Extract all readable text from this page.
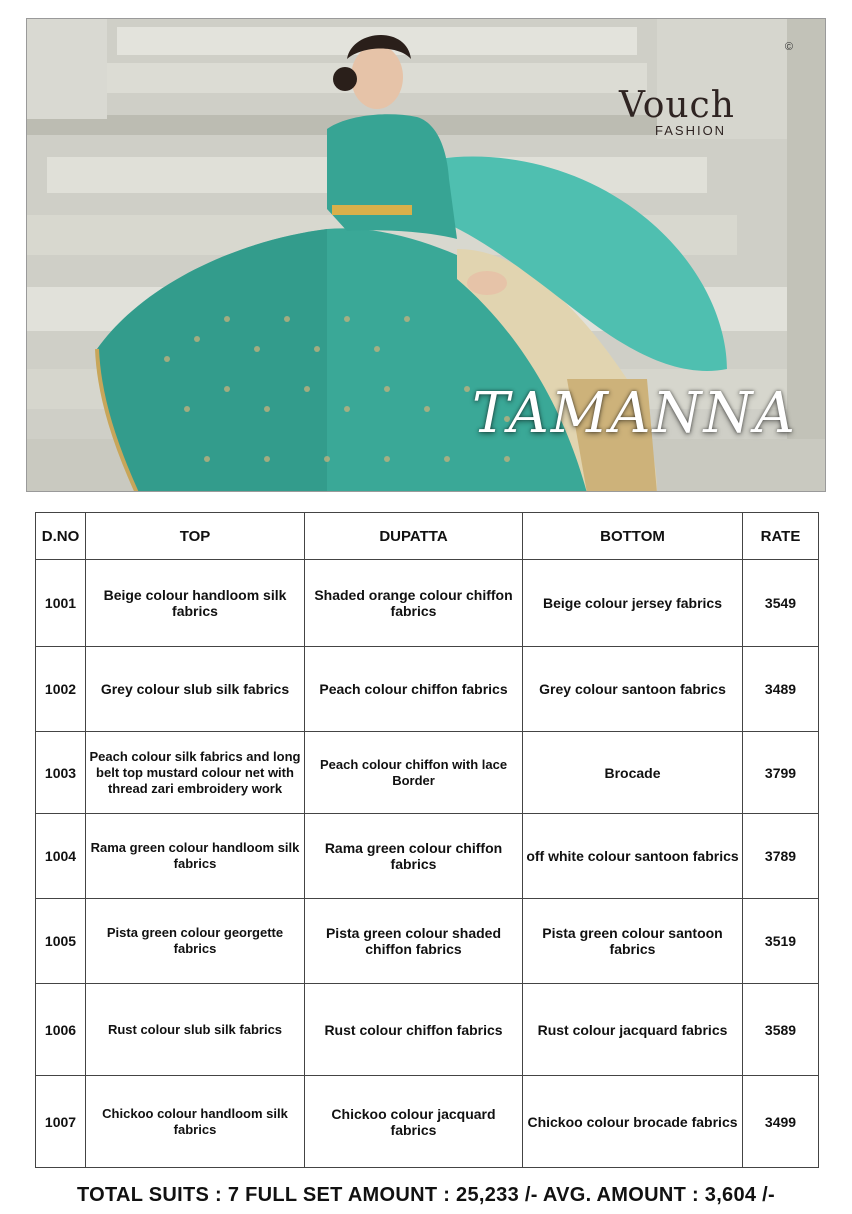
©
Vouch
FASHION
TAMANNA
D.NO	TOP	DUPATTA	BOTTOM	RATE
1001	Beige colour handloom silk fabrics	Shaded orange colour chiffon fabrics	Beige colour jersey fabrics	3549
1002	Grey colour slub silk fabrics	Peach colour chiffon fabrics	Grey colour santoon fabrics	3489
1003	Peach colour silk fabrics and long belt top mustard colour net with thread zari embroidery work	Peach colour chiffon with lace Border	Brocade	3799
1004	Rama green colour handloom silk fabrics	Rama green colour chiffon fabrics	off white colour santoon fabrics	3789
1005	Pista green colour georgette fabrics	Pista green colour shaded chiffon fabrics	Pista green colour santoon fabrics	3519
1006	Rust colour slub silk fabrics	Rust colour chiffon fabrics	Rust colour jacquard fabrics	3589
1007	Chickoo colour handloom silk fabrics	Chickoo colour jacquard fabrics	Chickoo colour brocade fabrics	3499
TOTAL SUITS : 7 FULL SET AMOUNT : 25,233 /- AVG. AMOUNT : 3,604 /-
